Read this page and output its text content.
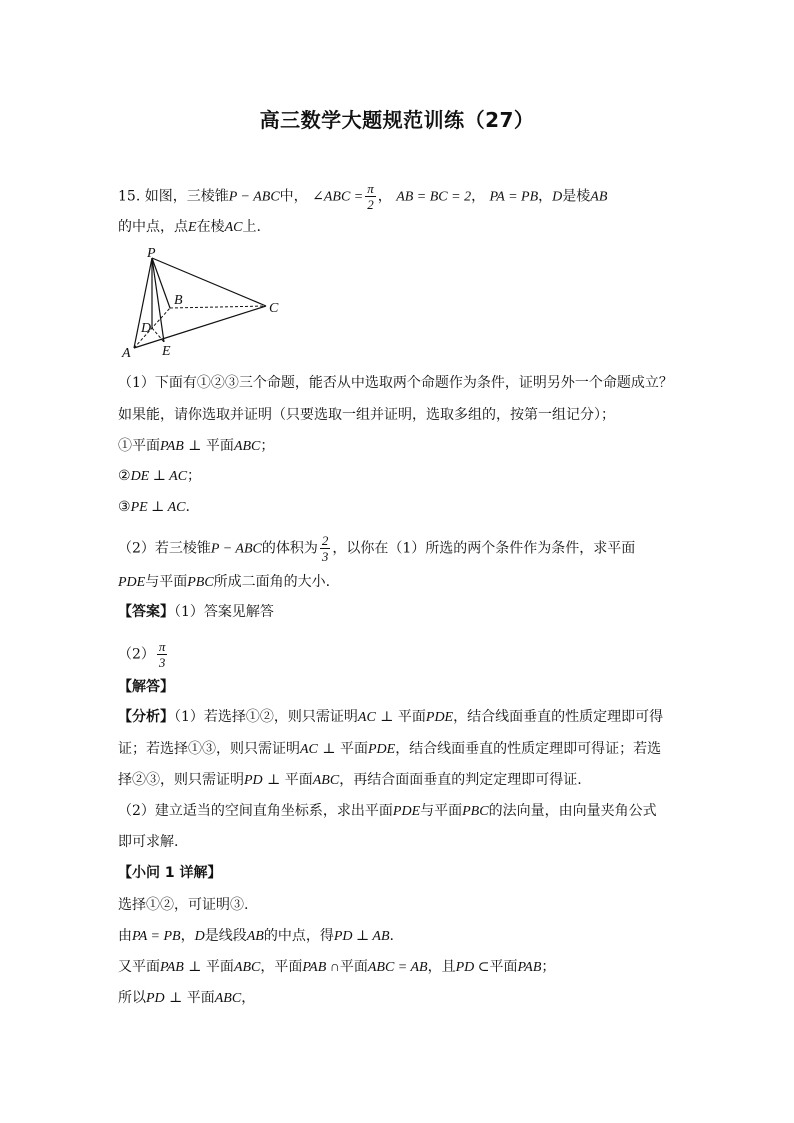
高三数学大题规范训练（27）
15. 如图，三棱锥P − ABC中， ∠ABC = $\frac{\pi}{2}$ ， AB = BC = 2， PA = PB，D是棱AB
的中点，点E在棱AC上.
P
A
B
C
D
E
（1）下面有①②③三个命题，能否从中选取两个命题作为条件，证明另外一个命题成立？
如果能，请你选取并证明（只要选取一组并证明，选取多组的，按第一组记分）；
①平面PAB ⊥ 平面ABC；
②DE ⊥ AC；
③PE ⊥ AC.
（2）若三棱锥P − ABC的体积为 $\frac{2}{3}$ ，以你在（1）所选的两个条件作为条件，求平面
PDE与平面PBC所成二面角的大小.
【答案】（1）答案见解答
$(2) \frac{\pi}{3}$
【解答】
【分析】（1）若选择①②，则只需证明AC ⊥ 平面PDE，结合线面垂直的性质定理即可得
证；若选择①③，则只需证明AC ⊥ 平面PDE，结合线面垂直的性质定理即可得证；若选
择②③，则只需证明PD ⊥ 平面ABC，再结合面面垂直的判定定理即可得证.
（2）建立适当的空间直角坐标系，求出平面PDE与平面PBC的法向量，由向量夹角公式
即可求解.
【小问 1 详解】
选择①②，可证明③.
由PA = PB，D是线段AB的中点，得PD ⊥ AB.
又平面PAB ⊥ 平面ABC，平面PAB ∩平面ABC = AB，且PD ⊂平面PAB；
所以PD ⊥ 平面ABC，
